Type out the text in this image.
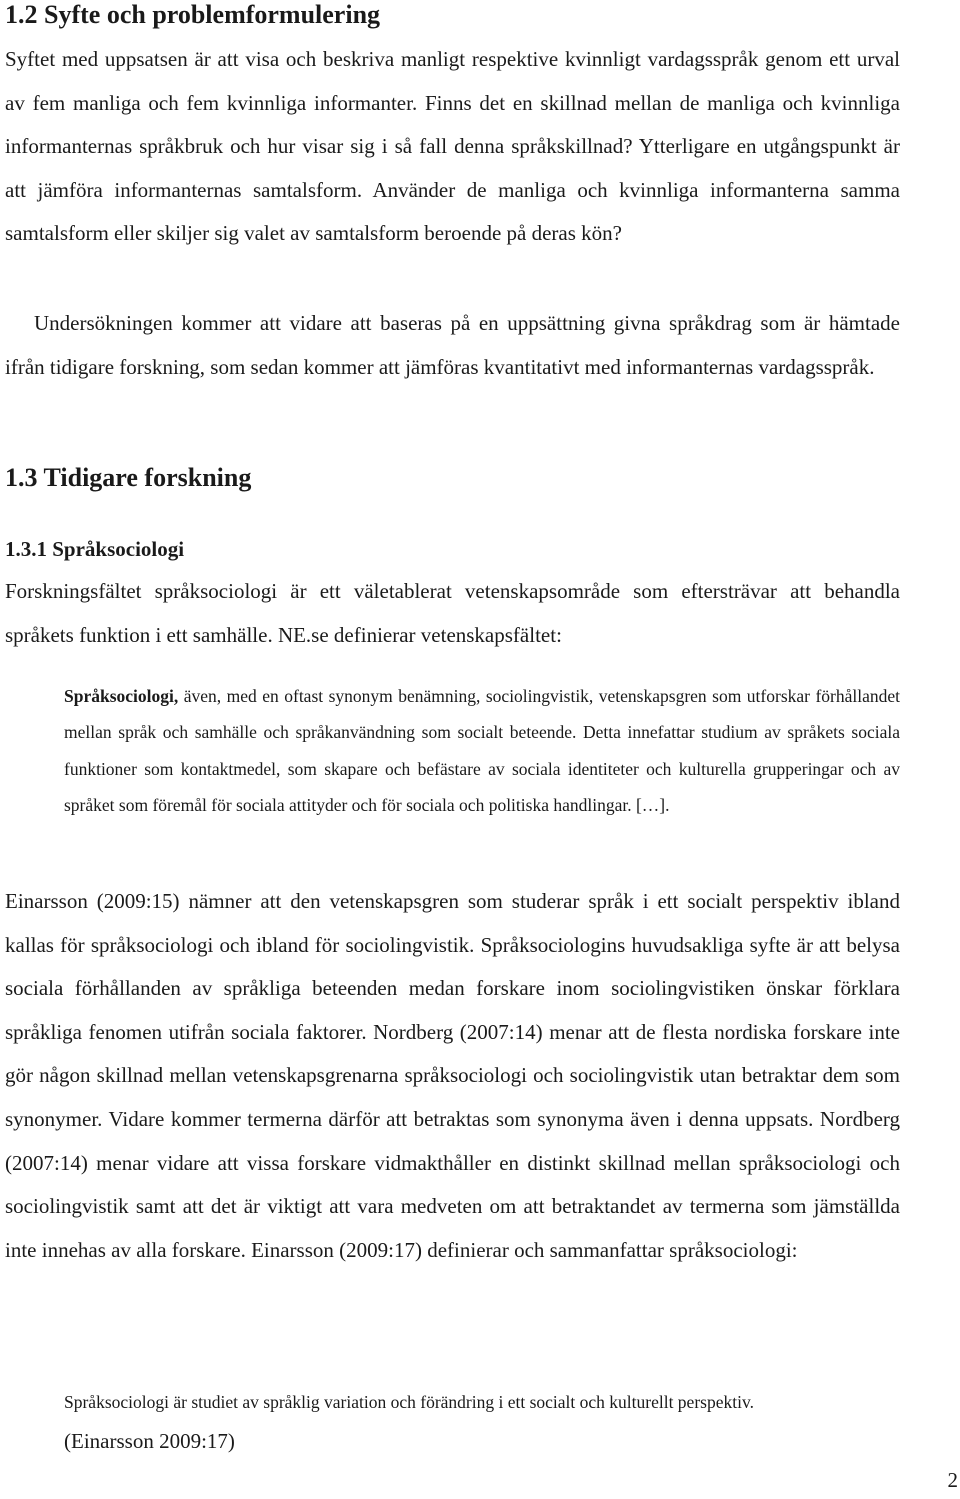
1.2 Syfte och problemformulering

Syftet med uppsatsen är att visa och beskriva manligt respektive kvinnligt vardagsspråk genom ett urval av fem manliga och fem kvinnliga informanter. Finns det en skillnad mellan de manliga och kvinnliga informanternas språkbruk och hur visar sig i så fall denna språkskillnad? Ytterligare en utgångspunkt är att jämföra informanternas samtalsform. Använder de manliga och kvinnliga informanterna samma samtalsform eller skiljer sig valet av samtalsform beroende på deras kön?

Undersökningen kommer att vidare att baseras på en uppsättning givna språkdrag som är hämtade ifrån tidigare forskning, som sedan kommer att jämföras kvantitativt med informanternas vardagsspråk.

1.3 Tidigare forskning
1.3.1 Språksociologi

Forskningsfältet språksociologi är ett väletablerat vetenskapsområde som eftersträvar att behandla språkets funktion i ett samhälle. NE.se definierar vetenskapsfältet:

Språksociologi, även, med en oftast synonym benämning, sociolingvistik, vetenskapsgren som utforskar förhållandet mellan språk och samhälle och språkanvändning som socialt beteende. Detta innefattar studium av språkets sociala funktioner som kontaktmedel, som skapare och befästare av sociala identiteter och kulturella grupperingar och av språket som föremål för sociala attityder och för sociala och politiska handlingar. […].

Einarsson (2009:15) nämner att den vetenskapsgren som studerar språk i ett socialt perspektiv ibland kallas för språksociologi och ibland för sociolingvistik. Språksociologins huvudsakliga syfte är att belysa sociala förhållanden av språkliga beteenden medan forskare inom sociolingvistiken önskar förklara språkliga fenomen utifrån sociala faktorer. Nordberg (2007:14) menar att de flesta nordiska forskare inte gör någon skillnad mellan vetenskapsgrenarna språksociologi och sociolingvistik utan betraktar dem som synonymer. Vidare kommer termerna därför att betraktas som synonyma även i denna uppsats. Nordberg (2007:14) menar vidare att vissa forskare vidmakthåller en distinkt skillnad mellan språksociologi och sociolingvistik samt att det är viktigt att vara medveten om att betraktandet av termerna som jämställda inte innehas av alla forskare. Einarsson (2009:17) definierar och sammanfattar språksociologi:

Språksociologi är studiet av språklig variation och förändring i ett socialt och kulturellt perspektiv.

(Einarsson 2009:17)

2
